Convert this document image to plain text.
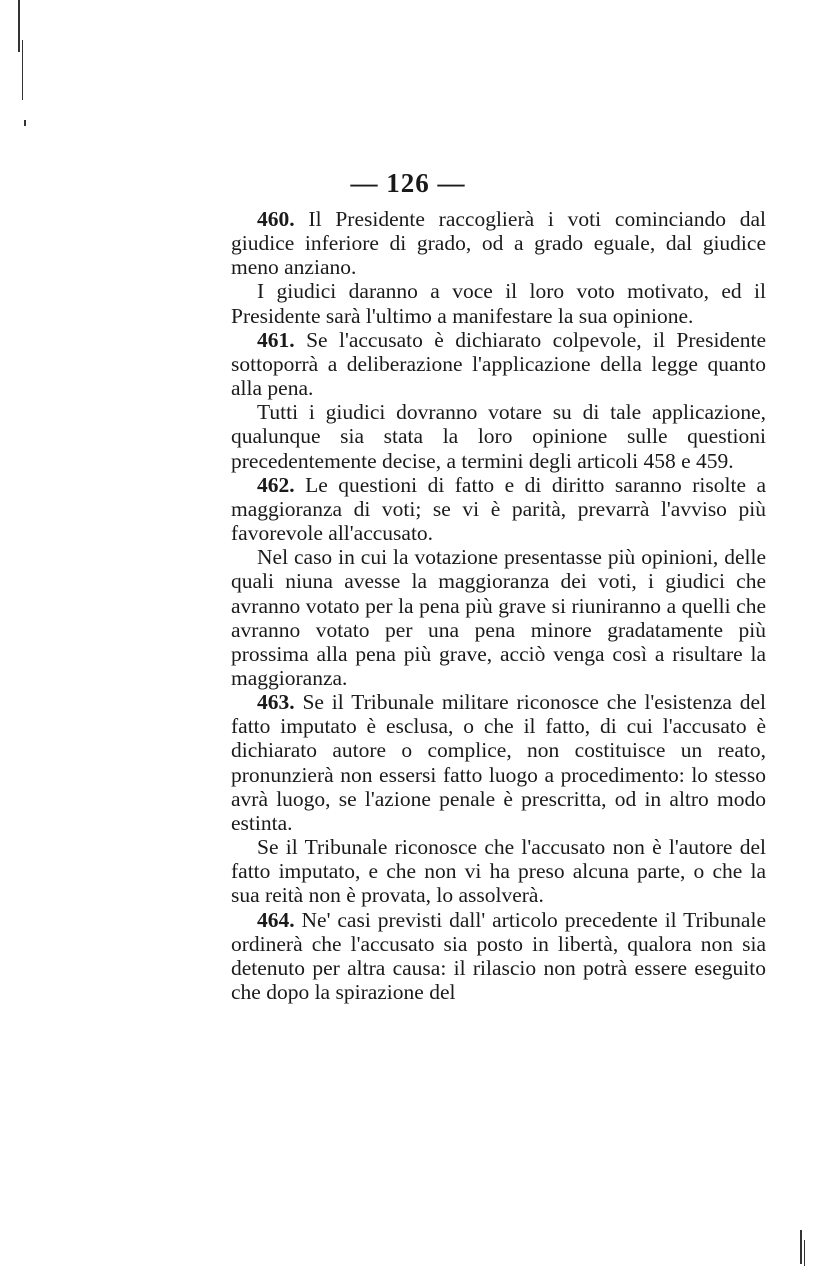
— 126 —

460. Il Presidente raccoglierà i voti cominciando dal giudice inferiore di grado, od a grado eguale, dal giudice meno anziano.

I giudici daranno a voce il loro voto motivato, ed il Presidente sarà l'ultimo a manifestare la sua opinione.

461. Se l'accusato è dichiarato colpevole, il Presidente sottoporrà a deliberazione l'applicazione della legge quanto alla pena.

Tutti i giudici dovranno votare su di tale applicazione, qualunque sia stata la loro opinione sulle questioni precedentemente decise, a termini degli articoli 458 e 459.

462. Le questioni di fatto e di diritto saranno risolte a maggioranza di voti; se vi è parità, prevarrà l'avviso più favorevole all'accusato.

Nel caso in cui la votazione presentasse più opinioni, delle quali niuna avesse la maggioranza dei voti, i giudici che avranno votato per la pena più grave si riuniranno a quelli che avranno votato per una pena minore gradatamente più prossima alla pena più grave, acciò venga così a risultare la maggioranza.

463. Se il Tribunale militare riconosce che l'esistenza del fatto imputato è esclusa, o che il fatto, di cui l'accusato è dichiarato autore o complice, non costituisce un reato, pronunzierà non essersi fatto luogo a procedimento: lo stesso avrà luogo, se l'azione penale è prescritta, od in altro modo estinta.

Se il Tribunale riconosce che l'accusato non è l'autore del fatto imputato, e che non vi ha preso alcuna parte, o che la sua reità non è provata, lo assolverà.

464. Ne' casi previsti dall' articolo precedente il Tribunale ordinerà che l'accusato sia posto in libertà, qualora non sia detenuto per altra causa: il rilascio non potrà essere eseguito che dopo la spirazione del
